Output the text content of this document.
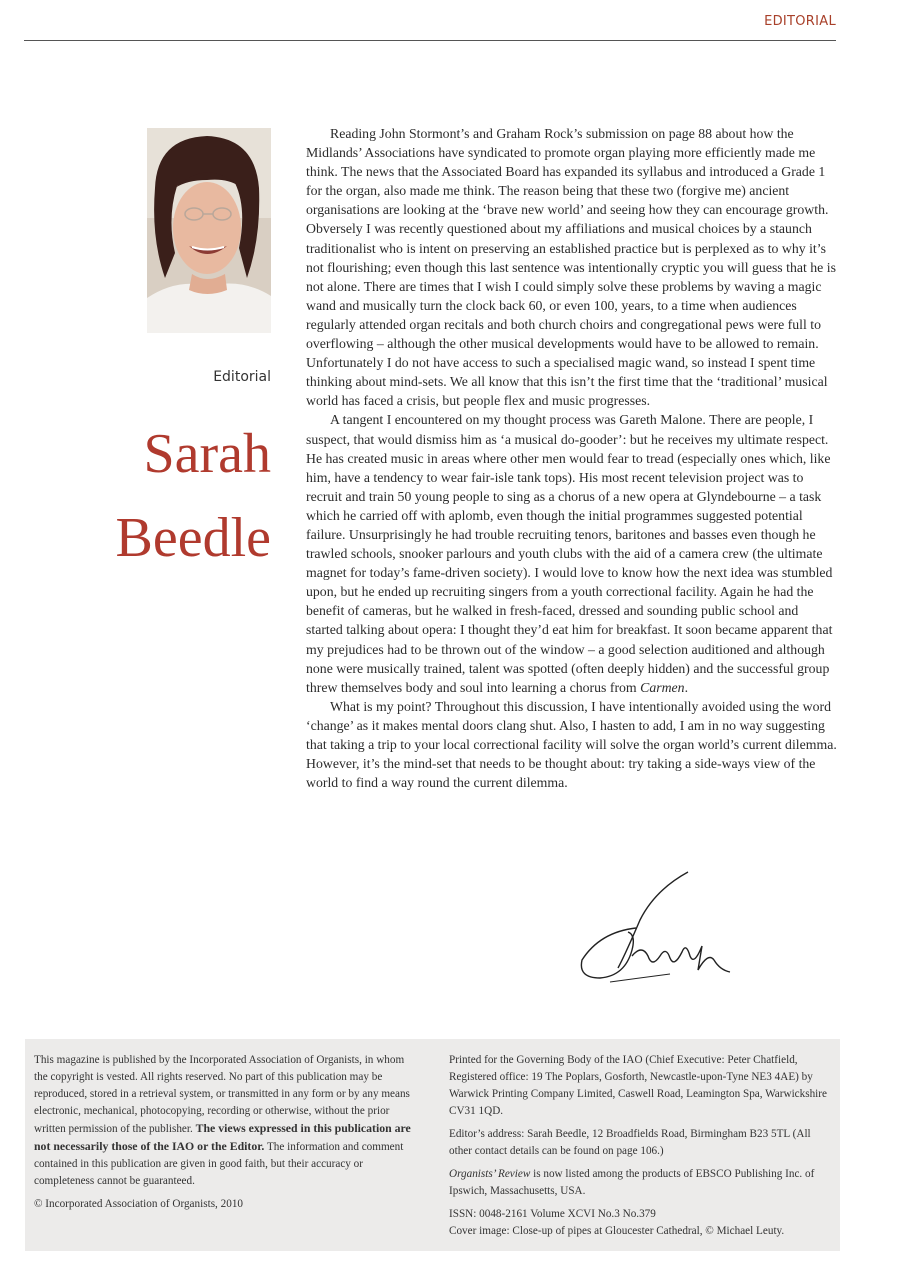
EDITORIAL
Editorial
Sarah
Beedle

Reading John Stormont’s and Graham Rock’s submission on page 88 about how the Midlands’ Associations have syndicated to promote organ playing more efficiently made me think. The news that the Associated Board has expanded its syllabus and introduced a Grade 1 for the organ, also made me think. The reason being that these two (forgive me) ancient organisations are looking at the ‘brave new world’ and seeing how they can encourage growth. Obversely I was recently questioned about my affiliations and musical choices by a staunch traditionalist who is intent on preserving an established practice but is perplexed as to why it’s not flourishing; even though this last sentence was intentionally cryptic you will guess that he is not alone. There are times that I wish I could simply solve these problems by waving a magic wand and musically turn the clock back 60, or even 100, years, to a time when audiences regularly attended organ recitals and both church choirs and congregational pews were full to overflowing – although the other musical developments would have to be allowed to remain. Unfortunately I do not have access to such a specialised magic wand, so instead I spent time thinking about mind-sets. We all know that this isn’t the first time that the ‘traditional’ musical world has faced a crisis, but people flex and music progresses.

A tangent I encountered on my thought process was Gareth Malone. There are people, I suspect, that would dismiss him as ‘a musical do-gooder’: but he receives my ultimate respect. He has created music in areas where other men would fear to tread (especially ones which, like him, have a tendency to wear fair-isle tank tops). His most recent television project was to recruit and train 50 young people to sing as a chorus of a new opera at Glyndebourne – a task which he carried off with aplomb, even though the initial programmes suggested potential failure. Unsurprisingly he had trouble recruiting tenors, baritones and basses even though he trawled schools, snooker parlours and youth clubs with the aid of a camera crew (the ultimate magnet for today’s fame-driven society). I would love to know how the next idea was stumbled upon, but he ended up recruiting singers from a youth correctional facility. Again he had the benefit of cameras, but he walked in fresh-faced, dressed and sounding public school and started talking about opera: I thought they’d eat him for breakfast. It soon became apparent that my prejudices had to be thrown out of the window – a good selection auditioned and although none were musically trained, talent was spotted (often deeply hidden) and the successful group threw themselves body and soul into learning a chorus from Carmen.

What is my point? Throughout this discussion, I have intentionally avoided using the word ‘change’ as it makes mental doors clang shut. Also, I hasten to add, I am in no way suggesting that taking a trip to your local correctional facility will solve the organ world’s current dilemma. However, it’s the mind-set that needs to be thought about: try taking a side-ways view of the world to find a way round the current dilemma.

This magazine is published by the Incorporated Association of Organists, in whom the copyright is vested. All rights reserved. No part of this publication may be reproduced, stored in a retrieval system, or transmitted in any form or by any means electronic, mechanical, photocopying, recording or otherwise, without the prior written permission of the publisher. The views expressed in this publication are not necessarily those of the IAO or the Editor. The information and comment contained in this publication are given in good faith, but their accuracy or completeness cannot be guaranteed.

© Incorporated Association of Organists, 2010

Printed for the Governing Body of the IAO (Chief Executive: Peter Chatfield, Registered office: 19 The Poplars, Gosforth, Newcastle-upon-Tyne NE3 4AE) by Warwick Printing Company Limited, Caswell Road, Leamington Spa, Warwickshire CV31 1QD.

Editor’s address: Sarah Beedle, 12 Broadfields Road, Birmingham B23 5TL (All other contact details can be found on page 106.)

Organists’ Review is now listed among the products of EBSCO Publishing Inc. of Ipswich, Massachusetts, USA.

ISSN: 0048-2161 Volume XCVI No.3 No.379

Cover image: Close-up of pipes at Gloucester Cathedral, © Michael Leuty.
